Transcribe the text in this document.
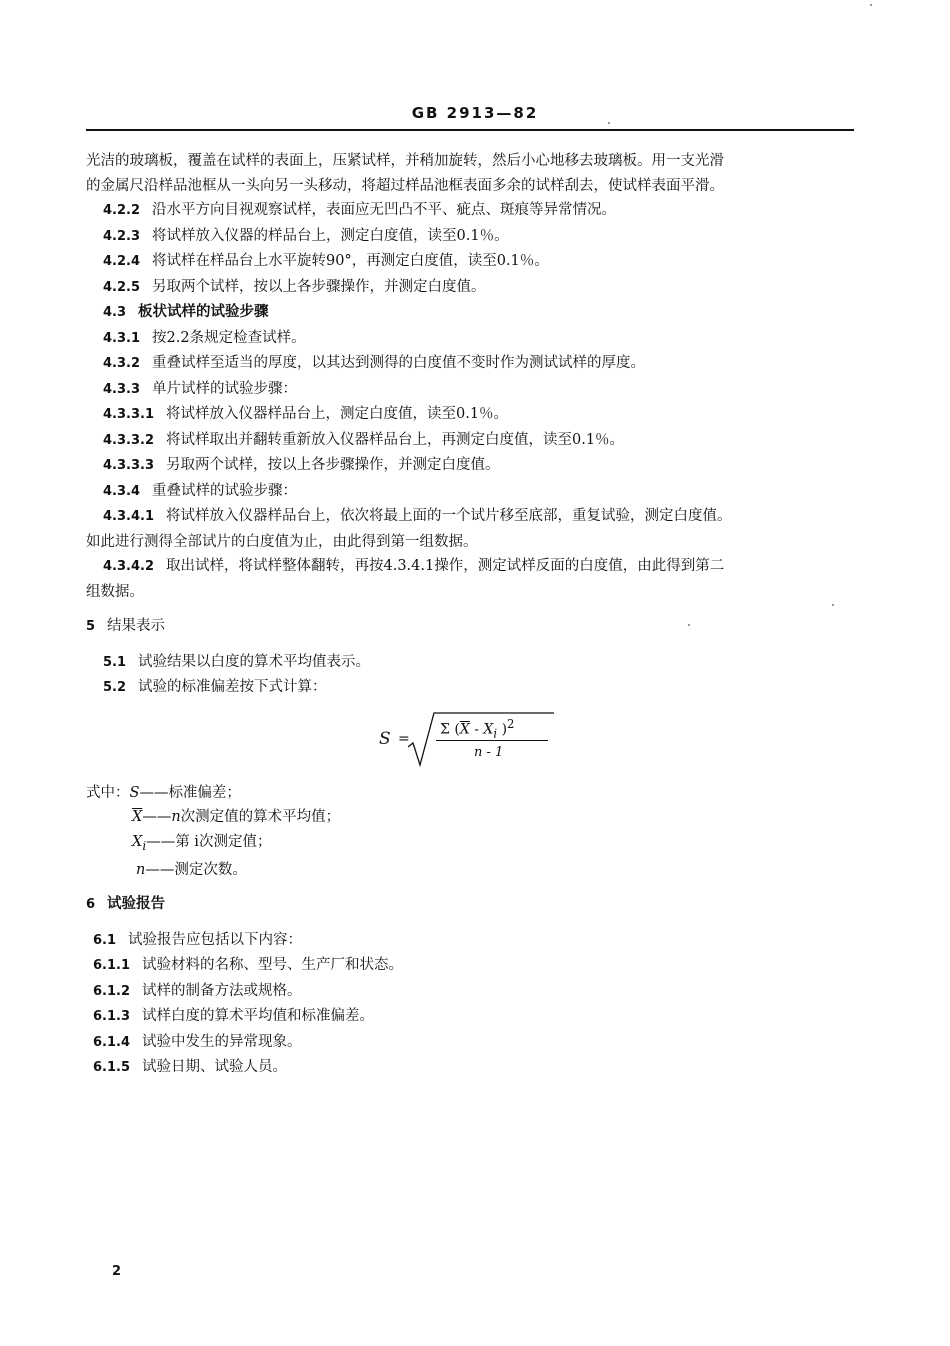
GB 2913—82

光洁的玻璃板，覆盖在试样的表面上，压紧试样，并稍加旋转，然后小心地移去玻璃板。用一支光滑

的金属尺沿样品池框从一头向另一头移动，将超过样品池框表面多余的试样刮去，使试样表面平滑。

4.2.2 沿水平方向目视观察试样，表面应无凹凸不平、疵点、斑痕等异常情况。

4.2.3 将试样放入仪器的样品台上，测定白度值，读至0.1％。

4.2.4 将试样在样品台上水平旋转90°，再测定白度值，读至0.1％。

4.2.5 另取两个试样，按以上各步骤操作，并测定白度值。

4.3 板状试样的试验步骤

4.3.1 按2.2条规定检查试样。

4.3.2 重叠试样至适当的厚度，以其达到测得的白度值不变时作为测试试样的厚度。

4.3.3 单片试样的试验步骤：

4.3.3.1 将试样放入仪器样品台上，测定白度值，读至0.1％。

4.3.3.2 将试样取出并翻转重新放入仪器样品台上，再测定白度值，读至0.1％。

4.3.3.3 另取两个试样，按以上各步骤操作，并测定白度值。

4.3.4 重叠试样的试验步骤：

4.3.4.1 将试样放入仪器样品台上，依次将最上面的一个试片移至底部，重复试验，测定白度值。

如此进行测得全部试片的白度值为止，由此得到第一组数据。

4.3.4.2 取出试样，将试样整体翻转，再按4.3.4.1操作，测定试样反面的白度值，由此得到第二

组数据。

5 结果表示

5.1 试验结果以白度的算术平均值表示。

5.2 试验的标准偏差按下式计算：

S =
Σ ($\overline{X} - X_i$ )$^2$
n - 1

式中：S——标准偏差；

$\overline{X}——n$次测定值的算术平均值；

$X_i——$第 i次测定值；

n——测定次数。

6 试验报告

6.1 试验报告应包括以下内容：

6.1.1 试验材料的名称、型号、生产厂和状态。

6.1.2 试样的制备方法或规格。

6.1.3 试样白度的算术平均值和标准偏差。

6.1.4 试验中发生的异常现象。

6.1.5 试验日期、试验人员。

2
